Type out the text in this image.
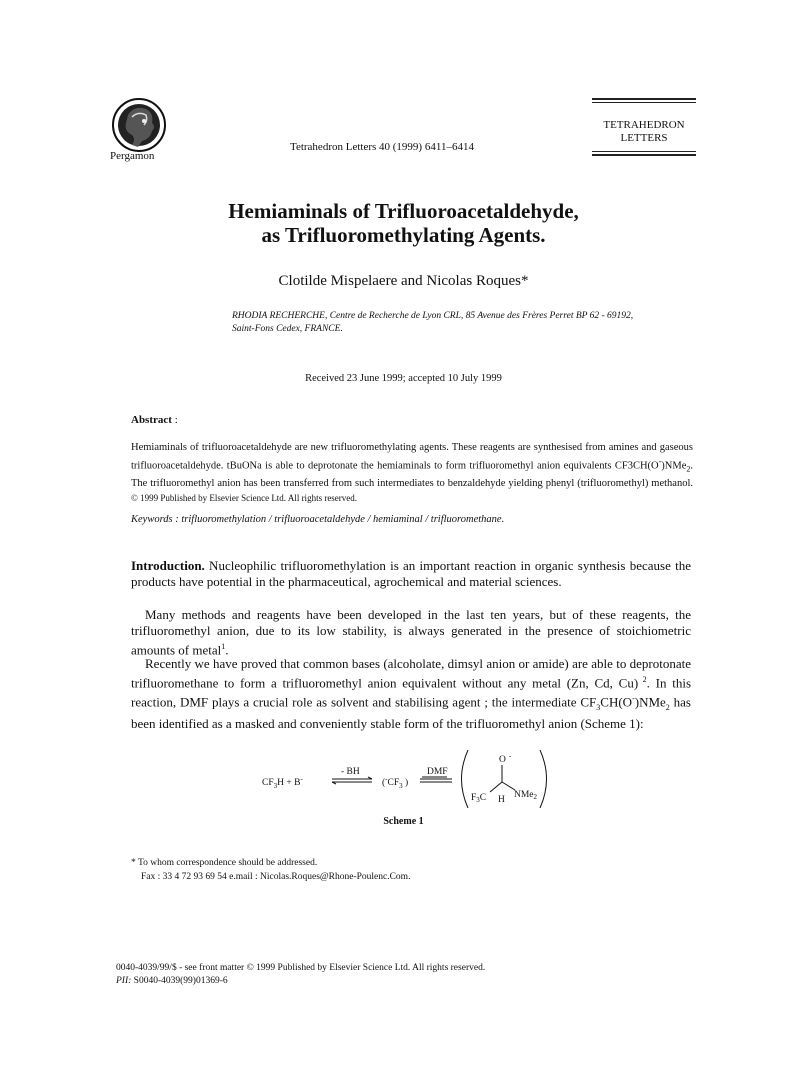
Pergamon
Tetrahedron Letters 40 (1999) 6411–6414
TETRAHEDRON
LETTERS
Hemiaminals of Trifluoroacetaldehyde,
as Trifluoromethylating Agents.
Clotilde Mispelaere and Nicolas Roques*
RHODIA RECHERCHE, Centre de Recherche de Lyon CRL, 85 Avenue des Frères Perret BP 62 - 69192,
Saint-Fons Cedex, FRANCE.
Received 23 June 1999; accepted 10 July 1999
Abstract :
Hemiaminals of trifluoroacetaldehyde are new trifluoromethylating agents. These reagents are synthesised from amines and gaseous trifluoroacetaldehyde. tBuONa is able to deprotonate the hemiaminals to form trifluoromethyl anion equivalents CF3CH(O-)NMe$_2$. The trifluoromethyl anion has been transferred from such intermediates to benzaldehyde yielding phenyl (trifluoromethyl) methanol. © 1999 Published by Elsevier Science Ltd. All rights reserved.
Keywords : trifluoromethylation / trifluoroacetaldehyde / hemiaminal / trifluoromethane.
Introduction. Nucleophilic trifluoromethylation is an important reaction in organic synthesis because the products have potential in the pharmaceutical, agrochemical and material sciences.
Many methods and reagents have been developed in the last ten years, but of these reagents, the trifluoromethyl anion, due to its low stability, is always generated in the presence of stoichiometric amounts of metal$^1$.
Recently we have proved that common bases (alcoholate, dimsyl anion or amide) are able to deprotonate trifluoromethane to form a trifluoromethyl anion equivalent without any metal (Zn, Cd, Cu) $^2$. In this reaction, DMF plays a crucial role as solvent and stabilising agent ; the intermediate $CF_3CH(O^-)NMe_2$ has been identified as a masked and conveniently stable form of the trifluoromethyl anion (Scheme 1):
$CF_3H + B^-$
- BH
($^-CF_3$ )
DMF
O -
$F_3C$ H NMe$_2$
Scheme 1
* To whom correspondence should be addressed.
Fax : 33 4 72 93 69 54 e.mail : Nicolas.Roques@Rhone-Poulenc.Com.
0040-4039/99/$ - see front matter © 1999 Published by Elsevier Science Ltd. All rights reserved.
PII: S0040-4039(99)01369-6
